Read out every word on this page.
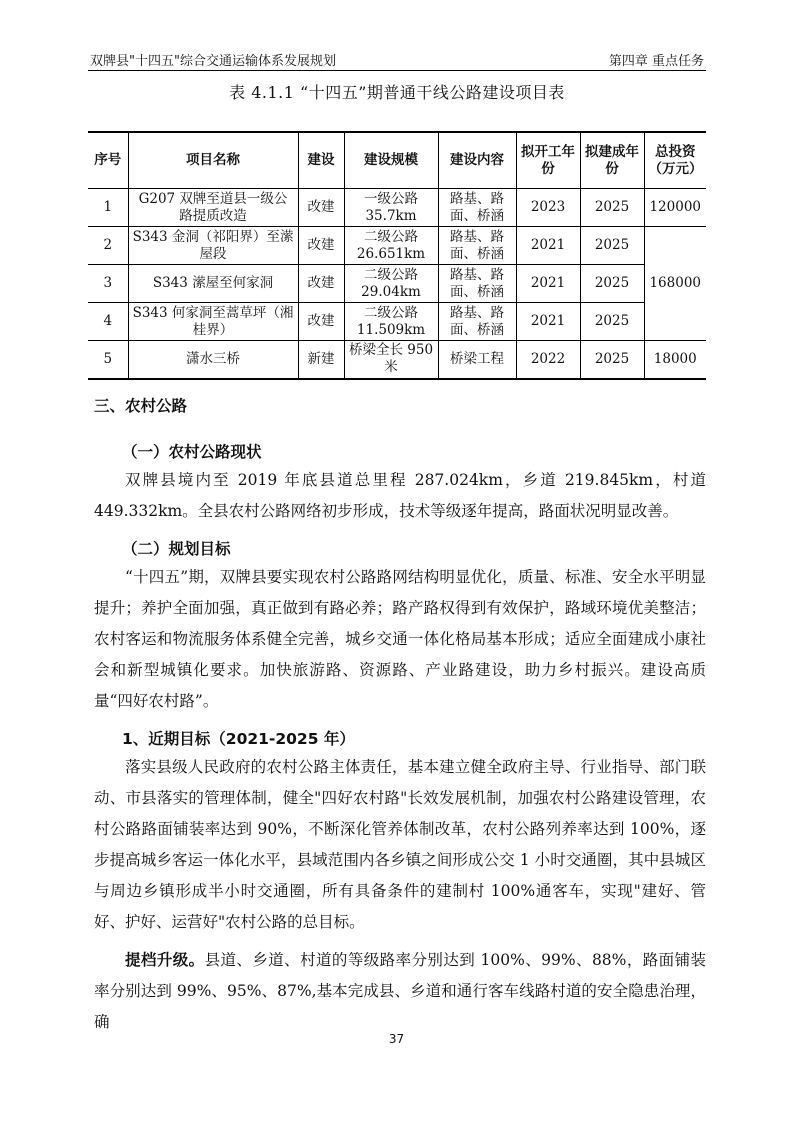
双牌县"十四五"综合交通运输体系发展规划	第四章 重点任务
表 4.1.1 “十四五”期普通干线公路建设项目表
序号	项目名称	建设	建设规模	建设内容	拟开工年份	拟建成年份	总投资（万元）
1	G207 双牌至道县一级公路提质改造	改建	一级公路 35.7km	路基、路面、桥涵	2023	2025	120000
2	S343 金洞（祁阳界）至潆屋段	改建	二级公路 26.651km	路基、路面、桥涵	2021	2025	168000
3	S343 潆屋至何家洞	改建	二级公路 29.04km	路基、路面、桥涵	2021	2025	
4	S343 何家洞至蒿草坪（湘桂界）	改建	二级公路 11.509km	路基、路面、桥涵	2021	2025	
5	潇水三桥	新建	桥梁全长 950 米	桥梁工程	2022	2025	18000
三、农村公路
（一）农村公路现状

双牌县境内至 2019 年底县道总里程 287.024km，乡道 219.845km，村道 449.332km。全县农村公路网络初步形成，技术等级逐年提高，路面状况明显改善。

（二）规划目标

“十四五”期，双牌县要实现农村公路路网结构明显优化，质量、标准、安全水平明显提升；养护全面加强，真正做到有路必养；路产路权得到有效保护，路域环境优美整洁；农村客运和物流服务体系健全完善，城乡交通一体化格局基本形成；适应全面建成小康社会和新型城镇化要求。加快旅游路、资源路、产业路建设，助力乡村振兴。建设高质量“四好农村路”。

1、近期目标（2021-2025 年）

落实县级人民政府的农村公路主体责任，基本建立健全政府主导、行业指导、部门联动、市县落实的管理体制，健全"四好农村路"长效发展机制，加强农村公路建设管理，农村公路路面铺装率达到 90%，不断深化管养体制改革，农村公路列养率达到 100%，逐步提高城乡客运一体化水平，县域范围内各乡镇之间形成公交 1 小时交通圈，其中县城区与周边乡镇形成半小时交通圈，所有具备条件的建制村 100%通客车，实现"建好、管好、护好、运营好"农村公路的总目标。

提档升级。县道、乡道、村道的等级路率分别达到 100%、99%、88%，路面铺装率分别达到 99%、95%、87%,基本完成县、乡道和通行客车线路村道的安全隐患治理，确

37
